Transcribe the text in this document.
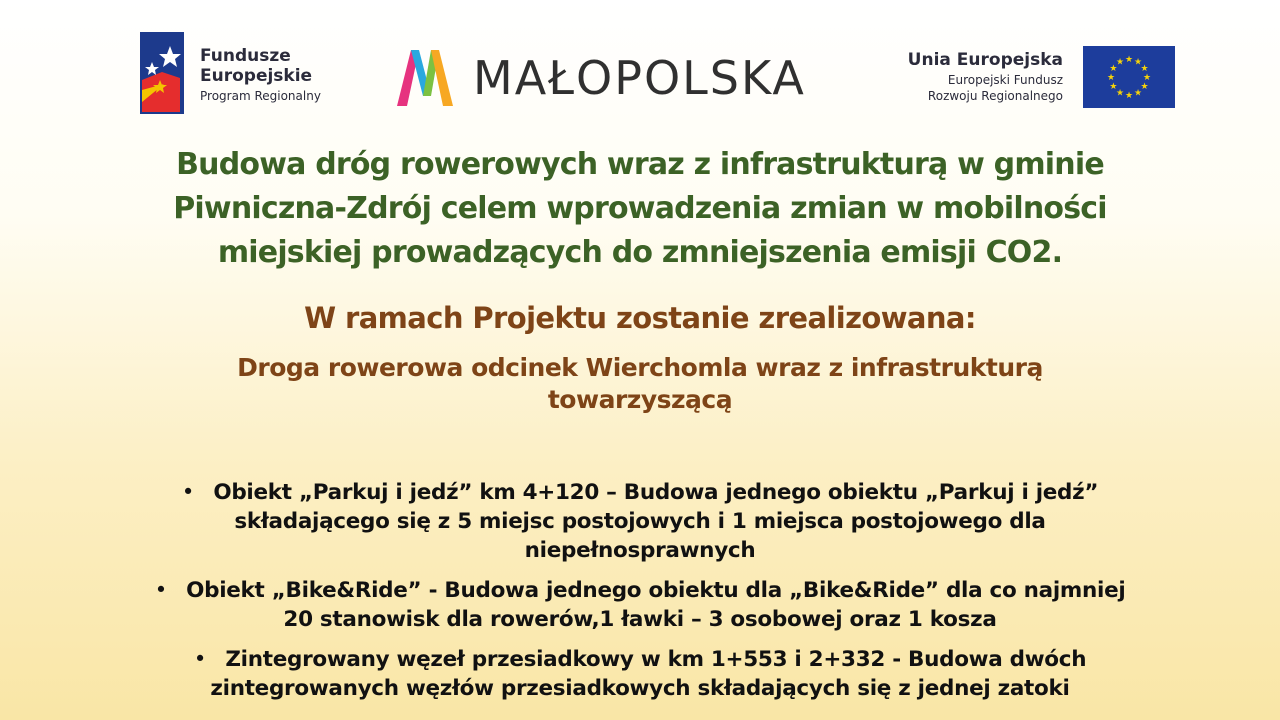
Fundusze
Europejskie
Program Regionalny	MAŁOPOLSKA	Unia Europejska
Europejski Fundusz
Rozwoju Regionalnego
★ ★
★
★
★
★
★
★
★
★
★
★
Budowa dróg rowerowych wraz z infrastrukturą w gminie
Piwniczna-Zdrój celem wprowadzenia zmian w mobilności
miejskiej prowadzących do zmniejszenia emisji CO2.
W ramach Projektu zostanie zrealizowana:
Droga rowerowa odcinek Wierchomla wraz z infrastrukturą
towarzyszącą
• Obiekt „Parkuj i jedź” km 4+120 – Budowa jednego obiektu „Parkuj i jedź”
składającego się z 5 miejsc postojowych i 1 miejsca postojowego dla
niepełnosprawnych
• Obiekt „Bike&Ride” - Budowa jednego obiektu dla „Bike&Ride” dla co najmniej
20 stanowisk dla rowerów,1 ławki – 3 osobowej oraz 1 kosza
• Zintegrowany węzeł przesiadkowy w km 1+553 i 2+332 - Budowa dwóch
zintegrowanych węzłów przesiadkowych składających się z jednej zatoki
